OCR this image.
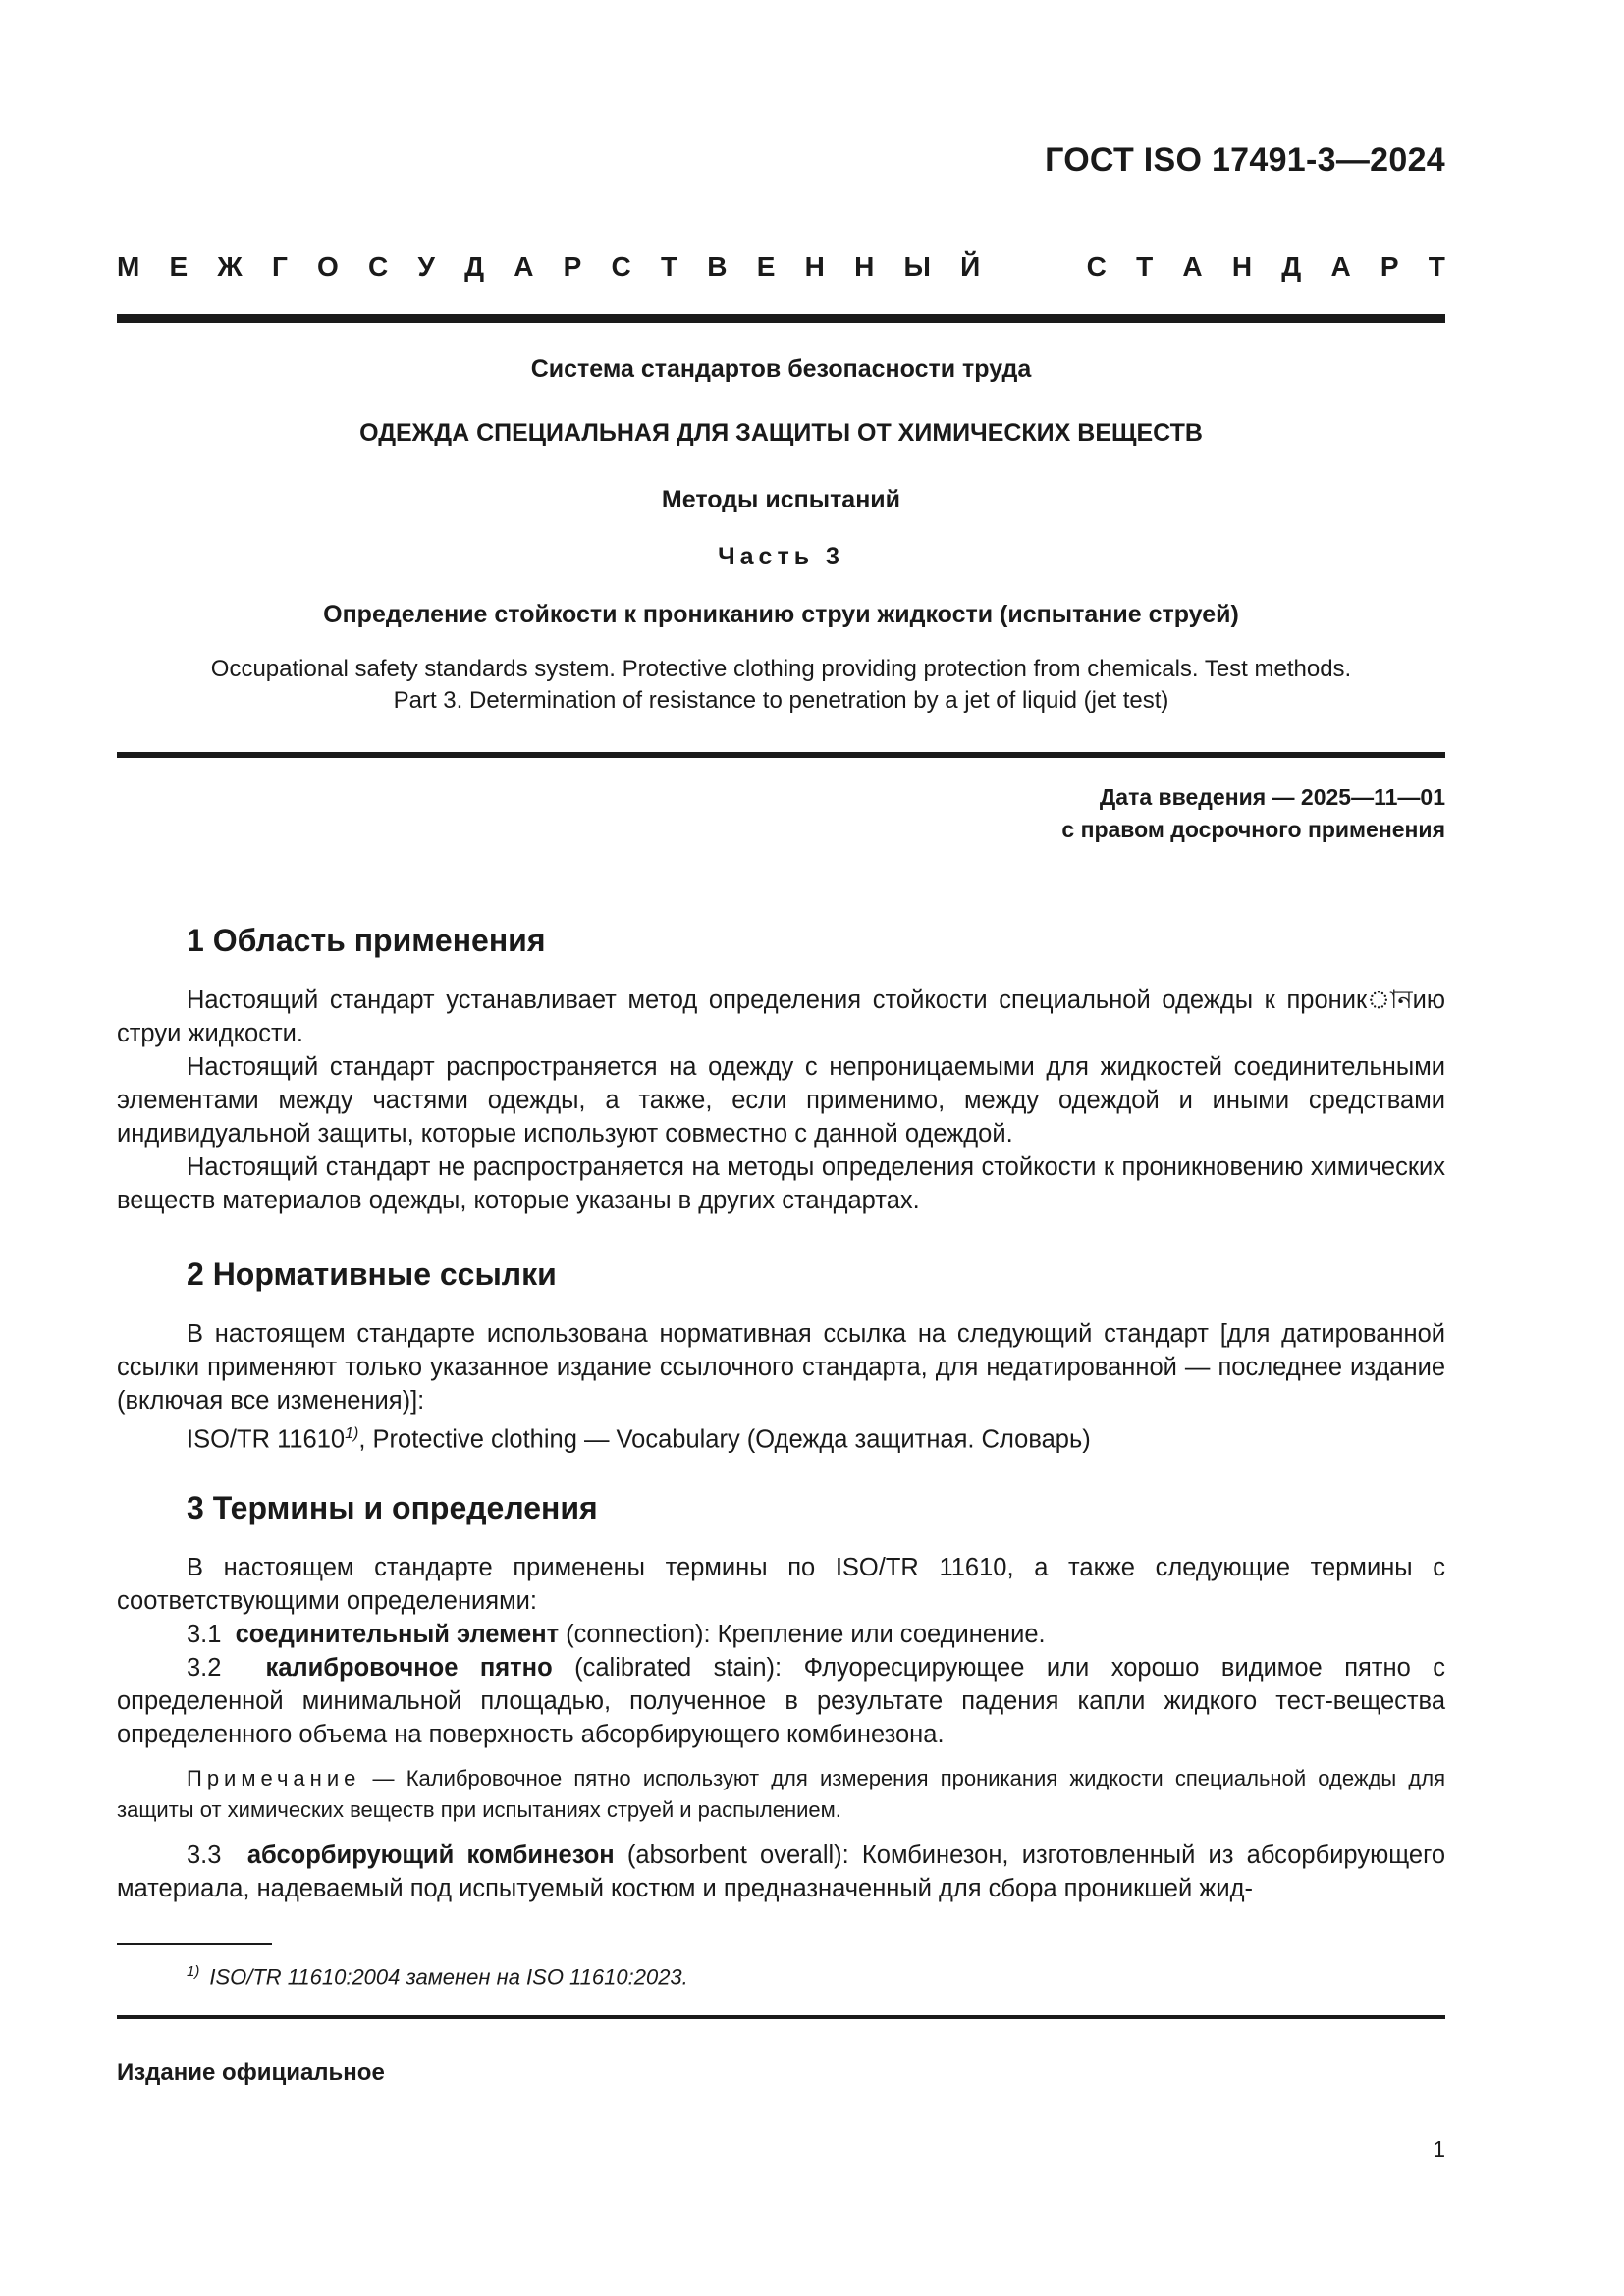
ГОСТ ISO 17491-3—2024
М Е Ж Г О С У Д А Р С Т В Е Н Н Ы Й	С Т А Н Д А Р Т
Система стандартов безопасности труда
ОДЕЖДА СПЕЦИАЛЬНАЯ ДЛЯ ЗАЩИТЫ ОТ ХИМИЧЕСКИХ ВЕЩЕСТВ
Методы испытаний
Часть 3
Определение стойкости к прониканию струи жидкости (испытание струей)
Occupational safety standards system. Protective clothing providing protection from chemicals. Test methods.
Part 3. Determination of resistance to penetration by a jet of liquid (jet test)
Дата введения — 2025—11—01
с правом досрочного применения
1 Область применения

Настоящий стандарт устанавливает метод определения стойкости специальной одежды к проникানию струи жидкости.

Настоящий стандарт распространяется на одежду с непроницаемыми для жидкостей соединительными элементами между частями одежды, а также, если применимо, между одеждой и иными средствами индивидуальной защиты, которые используют совместно с данной одеждой.

Настоящий стандарт не распространяется на методы определения стойкости к проникновению химических веществ материалов одежды, которые указаны в других стандартах.

2 Нормативные ссылки

В настоящем стандарте использована нормативная ссылка на следующий стандарт [для датированной ссылки применяют только указанное издание ссылочного стандарта, для недатированной — последнее издание (включая все изменения)]:

ISO/TR 11610$^{1)}$, Protective clothing — Vocabulary (Одежда защитная. Словарь)

3 Термины и определения

В настоящем стандарте применены термины по ISO/TR 11610, а также следующие термины с соответствующими определениями:

3.1 соединительный элемент (connection): Крепление или соединение.

3.2 калибровочное пятно (calibrated stain): Флуоресцирующее или хорошо видимое пятно с определенной минимальной площадью, полученное в результате падения капли жидкого тест-вещества определенного объема на поверхность абсорбирующего комбинезона.

Примечание — Калибровочное пятно используют для измерения проникания жидкости специальной одежды для защиты от химических веществ при испытаниях струей и распылением.

3.3 абсорбирующий комбинезон (absorbent overall): Комбинезон, изготовленный из абсорбирующего материала, надеваемый под испытуемый костюм и предназначенный для сбора проникшей жид-

$^{1)}$ ISO/TR 11610:2004 заменен на ISO 11610:2023.
Издание официальное
1
